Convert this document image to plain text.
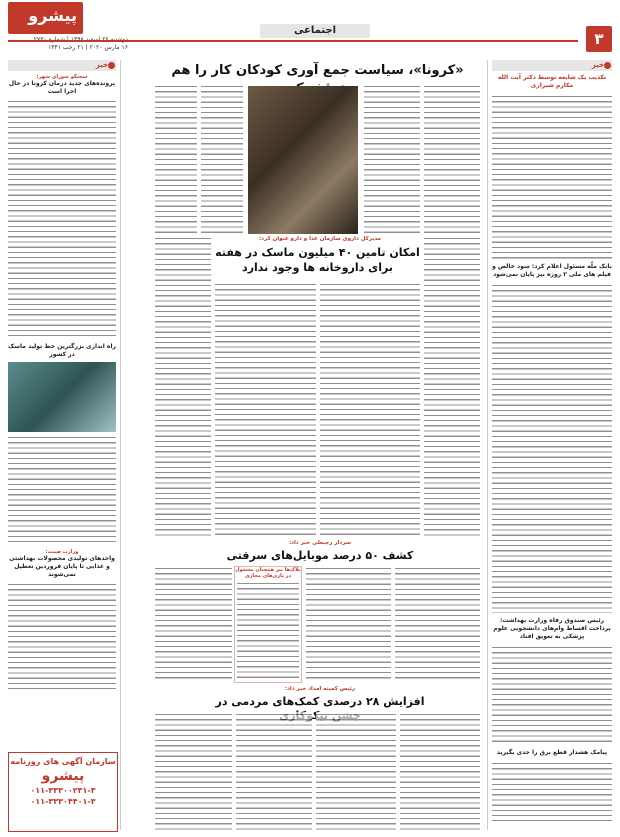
۳
اجتماعی
پیشرو
۱۶ مارس ۲۰۲۰ | ۲۱ رجب ۱۴۴۱
خبر
تکذیب یک شایعه توسط دکتر آیت الله مکارم شیرازی
بانک ملّه مسئول اعلام کرد: سود خالص و فیلم های ملی ۲ روزه نیز پایان نمی‌شود
رئیس صندوق رفاه وزارت بهداشت: پرداخت اقساط وام‌های دانشجویی علوم پزشکی به تعویق افتاد
پیامک هشدار قطع برق را جدی بگیرید
«کرونا»، سیاست جمع آوری کودکان کار را هم
مدیرکل داروی سازمان غذا و دارو عنوان کرد:
امکان تامین ۴۰ میلیون ماسک در هفته برای داروخانه ها وجود ندارد
سردار رجبعلی خبر داد:
کشف ۵۰ درصد موبایل‌های سرقتی
پلاک‌ها نیز همچنان مشغول در بازی‌های مجازی
رئیس کمیته امداد خبر داد:
افزایش ۲۸ درصدی کمک‌های مردمی در
خبر
سخنگو شورای شهر:
پرونده‌های جدید درمان کرونا در حال اجرا است
راه اندازی بزرگترین خط تولید ماسک در کشور
وزارت صمت:
واحدهای تولیدی محصولات بهداشتی و غذایی تا پایان فروردین تعطیل نمی‌شوند
سازمان آگهی های روزنامه
پیشرو
۰۱۱-۳۳۳۰۰۲۳۱-۳
۰۱۱-۳۳۳۰۴۴۰۱-۳
